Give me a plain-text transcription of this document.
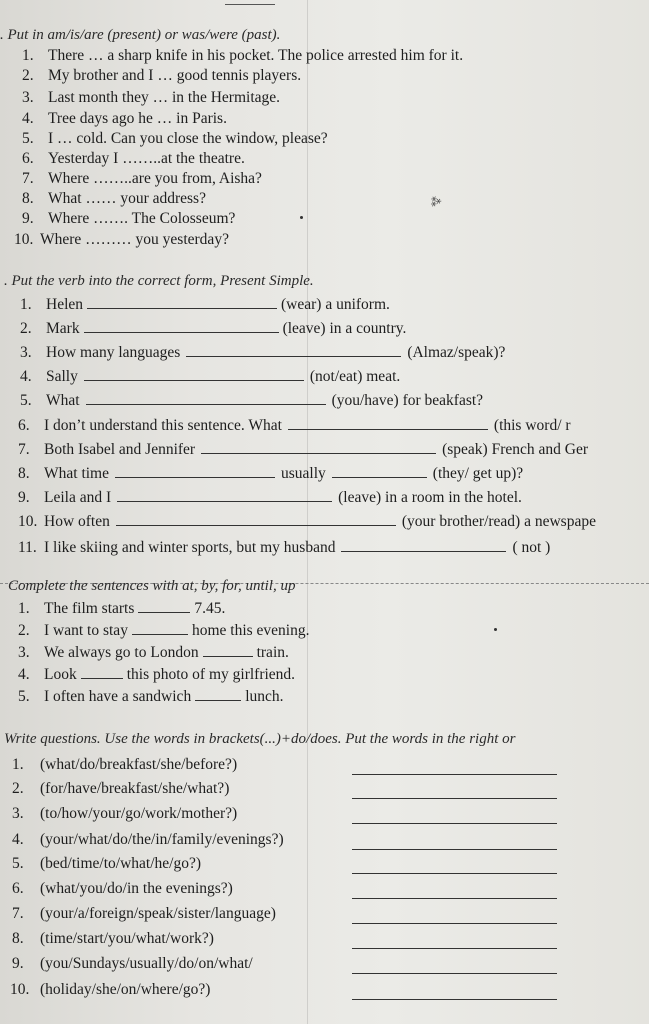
. Put in am/is/are (present) or was/were (past).
1. There … a sharp knife in his pocket. The police arrested him for it.
2. My brother and I … good tennis players.
3. Last month they … in the Hermitage.
4. Tree days ago he … in Paris.
5. I … cold. Can you close the window, please?
6. Yesterday I ……..at the theatre.
7. Where ……..are you from, Aisha?
8. What …… your address?
9. Where ……. The Colosseum?
10. Where ……… you yesterday?
⁂
. Put the verb into the correct form, Present Simple.
1. Helen	(wear) a uniform.
2. Mark	(leave) in a country.
3. How many languages	(Almaz/speak)?
4. Sally	(not/eat) meat.
5. What	(you/have) for beakfast?
6. I don’t understand this sentence. What	(this word/ r
7. Both Isabel and Jennifer	(speak) French and Ger
8. What time	usually	(they/ get up)?
9. Leila and I	(leave) in a room in the hotel.
10. How often	(your brother/read) a newspape
11. I like skiing and winter sports, but my husband	( not )
Complete the sentences with at, by, for, until, up
1. The film starts	7.45.
2. I want to stay	home this evening.
3. We always go to London	train.
4. Look	this photo of my girlfriend.
5. I often have a sandwich	lunch.
Write questions. Use the words in brackets(...)+do/does. Put the words in the right or
1. (what/do/breakfast/she/before?)
2. (for/have/breakfast/she/what?)
3. (to/how/your/go/work/mother?)
4. (your/what/do/the/in/family/evenings?)
5. (bed/time/to/what/he/go?)
6. (what/you/do/in the evenings?)
7. (your/a/foreign/speak/sister/language)
8. (time/start/you/what/work?)
9. (you/Sundays/usually/do/on/what/
10. (holiday/she/on/where/go?)
